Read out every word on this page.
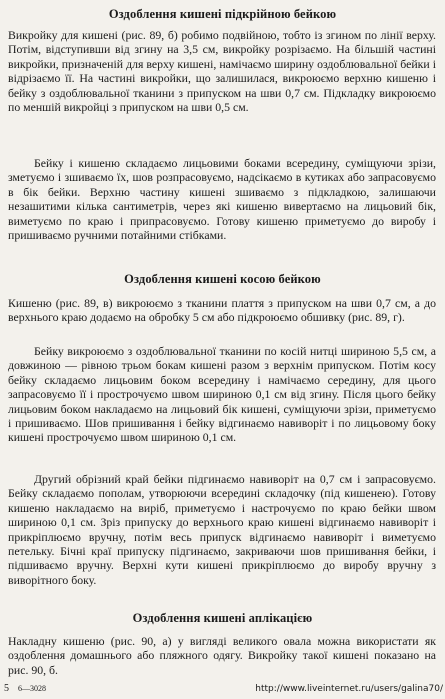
Оздоблення кишені підкрійною бейкою

Викройку для кишені (рис. 89, б) робимо подвійною, тобто із згином по лінії верху. Потім, відступивши від згину на 3,5 см, викройку розрізаємо. На більшій частині викройки, призначеній для верху кишені, намічаємо ширину оздоблювальної бейки і відрізаємо її. На частині викройки, що залишилася, викроюємо верхню кишеню і бейку з оздоблювальної тканини з припуском на шви 0,7 см. Підкладку викроюємо по меншій викройці з припуском на шви 0,5 см.

Бейку і кишеню складаємо лицьовими боками всередину, суміщуючи зрізи, зметуємо і зшиваємо їх, шов розпрасовуємо, надсікаємо в кутиках або запрасовуємо в бік бейки. Верхню частину кишені зшиваємо з підкладкою, залишаючи незашитими кілька сантиметрів, через які кишеню вивертаємо на лицьовий бік, виметуємо по краю і припрасовуємо. Готову кишеню приметуємо до виробу і пришиваємо ручними потайними стібками.

Оздоблення кишені косою бейкою

Кишеню (рис. 89, в) викроюємо з тканини плаття з припуском на шви 0,7 см, а до верхнього краю додаємо на обробку 5 см або підкроюємо обшивку (рис. 89, г).

Бейку викроюємо з оздоблювальної тканини по косій нитці шириною 5,5 см, а довжиною — рівною трьом бокам кишені разом з верхнім припуском. Потім косу бейку складаємо лицьовим боком всередину і намічаємо середину, для цього запрасовуємо її і прострочуємо швом шириною 0,1 см від згину. Після цього бейку лицьовим боком накладаємо на лицьовий бік кишені, суміщуючи зрізи, приметуємо і пришиваємо. Шов пришивання і бейку відгинаємо навиворіт і по лицьовому боку кишені прострочуємо швом шириною 0,1 см.

Другий обрізний край бейки підгинаємо навиворіт на 0,7 см і запрасовуємо. Бейку складаємо пополам, утворюючи всередині складочку (під кишенею). Готову кишеню накладаємо на виріб, приметуємо і настрочуємо по краю бейки швом шириною 0,1 см. Зріз припуску до верхнього краю кишені відгинаємо навиворіт і прикріплюємо вручну, потім весь припуск відгинаємо навиворіт і виметуємо петельку. Бічні краї припуску підгинаємо, закриваючи шов пришивання бейки, і підшиваємо вручну. Верхні кути кишені прикріплюємо до виробу вручну з виворітного боку.

Оздоблення кишені аплікацією

Накладну кишеню (рис. 90, а) у вигляді великого овала можна використати як оздоблення домашнього або пляжного одягу. Викройку такої кишені показано на рис. 90, б.

5 6—3028	http://www.liveinternet.ru/users/galina70/
